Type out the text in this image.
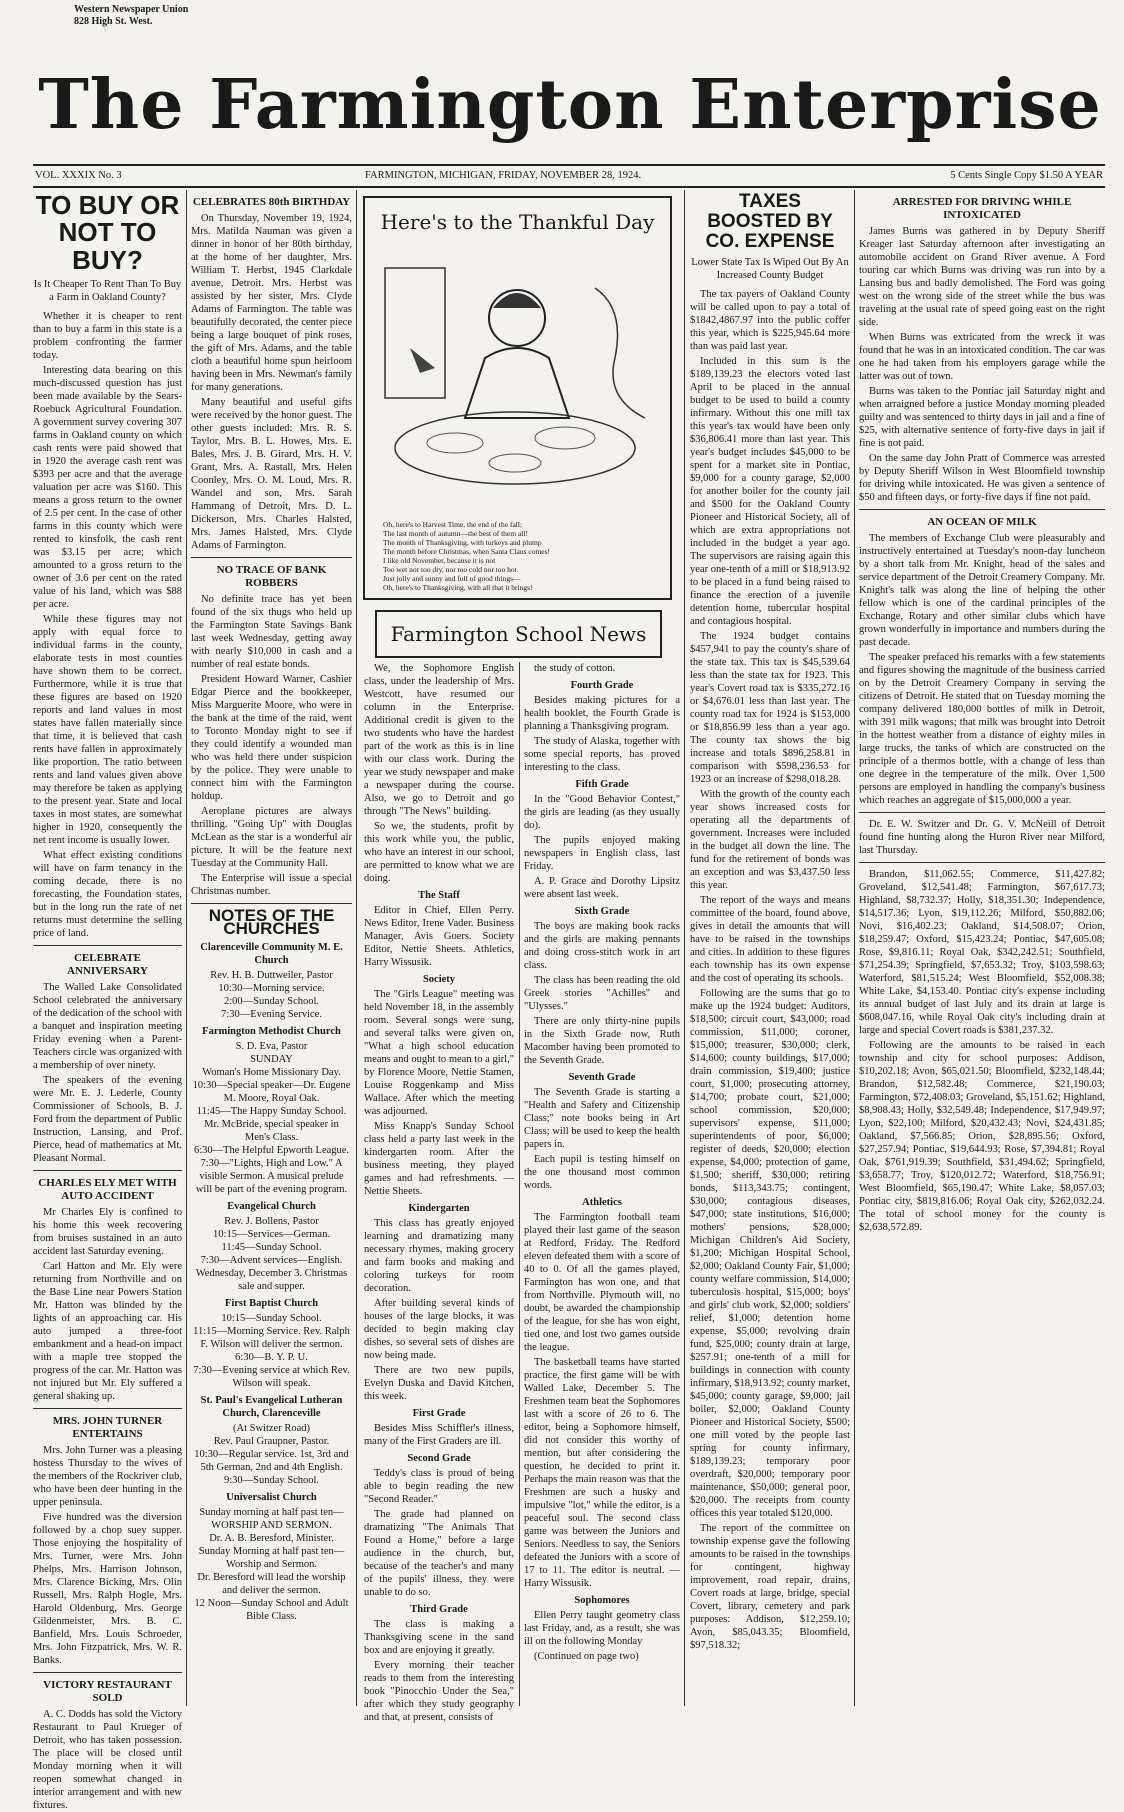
Western Newspaper Union
828 High St. West.
The Farmington Enterprise
VOL. XXXIX No. 3	FARMINGTON, MICHIGAN, FRIDAY, NOVEMBER 28, 1924.	5 Cents Single Copy $1.50 A YEAR
TO BUY OR NOT TO BUY?
Is It Cheaper To Rent Than To Buy a Farm in Oakland County?

Whether it is cheaper to rent than to buy a farm in this state is a problem confronting the farmer today.

Interesting data bearing on this much-discussed question has just been made available by the Sears-Roebuck Agricultural Foundation. A government survey covering 307 farms in Oakland county on which cash rents were paid showed that in 1920 the average cash rent was $393 per acre and that the average valuation per acre was $160. This means a gross return to the owner of 2.5 per cent. In the case of other farms in this county which were rented to kinsfolk, the cash rent was $3.15 per acre; which amounted to a gross return to the owner of 3.6 per cent on the rated value of his land, which was $88 per acre.

While these figures may not apply with equal force to individual farms in the county, elaborate tests in most counties have shown them to be correct. Furthermore, while it is true that these figures are based on 1920 reports and land values in most states have fallen materially since that time, it is believed that cash rents have fallen in approximately like proportion. The ratio between rents and land values given above may therefore be taken as applying to the present year. State and local taxes in most states, are somewhat higher in 1920, consequently the net rent income is usually lower.

What effect existing conditions will have on farm tenancy in the coming decade, there is no forecasting, the Foundation states, but in the long run the rate of net returns must determine the selling price of land.

CELEBRATE ANNIVERSARY

The Walled Lake Consolidated School celebrated the anniversary of the dedication of the school with a banquet and inspiration meeting Friday evening when a Parent-Teachers circle was organized with a membership of over ninety.

The speakers of the evening were Mr. E. J. Lederle, County Commissioner of Schools, B. J. Ford from the department of Public Instruction, Lansing, and Prof. Pierce, head of mathematics at Mt. Pleasant Normal.

CHARLES ELY MET WITH AUTO ACCIDENT

Mr Charles Ely is confined to his home this week recovering from bruises sustained in an auto accident last Saturday evening.

Carl Hatton and Mr. Ely were returning from Northville and on the Base Line near Powers Station Mr. Hatton was blinded by the lights of an approaching car. His auto jumped a three-foot embankment and a head-on impact with a maple tree stopped the progress of the car. Mr. Hatton was not injured but Mr. Ely suffered a general shaking up.

MRS. JOHN TURNER ENTERTAINS

Mrs. John Turner was a pleasing hostess Thursday to the wives of the members of the Rockriver club, who have been deer hunting in the upper peninsula.

Five hundred was the diversion followed by a chop suey supper. Those enjoying the hospitality of Mrs. Turner, were Mrs. John Phelps, Mrs. Harrison Johnson, Mrs. Clarence Bicking, Mrs. Olin Russell, Mrs. Ralph Hogle, Mrs. Harold Oldenburg, Mrs. George Gildenmeister, Mrs. B. C. Banfield, Mrs. Louis Schroeder, Mrs. John Fitzpatrick, Mrs. W. R. Banks.

VICTORY RESTAURANT SOLD

A. C. Dodds has sold the Victory Restaurant to Paul Krueger of Detroit, who has taken possession. The place will be closed until Monday morning when it will reopen somewhat changed in interior arrangement and with new fixtures.

CELEBRATES 80th BIRTHDAY

On Thursday, November 19, 1924, Mrs. Matilda Nauman was given a dinner in honor of her 80th birthday, at the home of her daughter, Mrs. William T. Herbst, 1945 Clarkdale avenue, Detroit. Mrs. Herbst was assisted by her sister, Mrs. Clyde Adams of Farmington. The table was beautifully decorated, the center piece being a large bouquet of pink roses, the gift of Mrs. Adams, and the table cloth a beautiful home spun heirloom having been in Mrs. Newman's family for many generations.

Many beautiful and useful gifts were received by the honor guest. The other guests included: Mrs. R. S. Taylor, Mrs. B. L. Howes, Mrs. E. Bales, Mrs. J. B. Girard, Mrs. H. V. Grant, Mrs. A. Rastall, Mrs. Helen Coonley, Mrs. O. M. Loud, Mrs. R. Wandel and son, Mrs. Sarah Hammang of Detroit, Mrs. D. L. Dickerson, Mrs. Charles Halsted, Mrs. James Halsted, Mrs. Clyde Adams of Farmington.

NO TRACE OF BANK ROBBERS

No definite trace has yet been found of the six thugs who held up the Farmington State Savings Bank last week Wednesday, getting away with nearly $10,000 in cash and a number of real estate bonds.

President Howard Warner, Cashier Edgar Pierce and the bookkeeper, Miss Marguerite Moore, who were in the bank at the time of the raid, went to Toronto Monday night to see if they could identify a wounded man who was held there under suspicion by the police. They were unable to connect him with the Farmington holdup.

Aeroplane pictures are always thrilling. "Going Up" with Douglas McLean as the star is a wonderful air picture. It will be the feature next Tuesday at the Community Hall.

The Enterprise will issue a special Christmas number.

NOTES OF THE CHURCHES
Clarenceville Community M. E. Church
Rev. H. B. Duttweiler, Pastor
10:30—Morning service.
2:00—Sunday School.
7:30—Evening Service.
Farmington Methodist Church
S. D. Eva, Pastor
SUNDAY
Woman's Home Missionary Day.
10:30—Special speaker—Dr. Eugene M. Moore, Royal Oak.
11:45—The Happy Sunday School. Mr. McBride, special speaker in Men's Class.
6:30—The Helpful Epworth League.
7:30—"Lights, High and Low." A visible Sermon. A musical prelude will be part of the evening program.
Evangelical Church
Rev. J. Bollens, Pastor
10:15—Services—German.
11:45—Sunday School.
7:30—Advent services—English. Wednesday, December 3. Christmas sale and supper.
First Baptist Church
10:15—Sunday School.
11:15—Morning Service. Rev. Ralph F. Wilson will deliver the sermon.
6:30—B. Y. P. U.
7:30—Evening service at which Rev. Wilson will speak.
St. Paul's Evangelical Lutheran Church, Clarenceville
(At Switzer Road)
Rev. Paul Graupner, Pastor.
10:30—Regular service. 1st, 3rd and 5th German, 2nd and 4th English.
9:30—Sunday School.
Universalist Church
Sunday morning at half past ten—WORSHIP AND SERMON.
Dr. A. B. Beresford, Minister.
Sunday Morning at half past ten—Worship and Sermon.
Dr. Beresford will lead the worship and deliver the sermon.
12 Noon—Sunday School and Adult Bible Class.
Here's to the Thankful Day
Oh, here's to Harvest Time, the end of the fall;
The last month of autumn—the best of them all!
The month of Thanksgiving, with turkeys and plump
The month before Christmas, when Santa Claus comes!
I like old November, because it is not
Too wet nor too dry, nor too cold nor too hot.
Just jolly and sunny and full of good things—
Oh, here's to Thanksgiving, with all that it brings!
Farmington School News

We, the Sophomore English class, under the leadership of Mrs. Westcott, have resumed our column in the Enterprise. Additional credit is given to the two students who have the hardest part of the work as this is in line with our class work. During the year we study newspaper and make a newspaper during the course. Also, we go to Detroit and go through "The News" building.

So we, the students, profit by this work while you, the public, who have an interest in our school, are permitted to know what we are doing.

The Staff

Editor in Chief, Ellen Perry. News Editor, Irene Vader. Business Manager, Avis Goers. Society Editor, Nettie Sheets. Athletics, Harry Wissusik.

Society

The "Girls League" meeting was held November 18, in the assembly room. Several songs were sung, and several talks were given on, "What a high school education means and ought to mean to a girl," by Florence Moore, Nettie Stamen, Louise Roggenkamp and Miss Wallace. After which the meeting was adjourned.

Miss Knapp's Sunday School class held a party last week in the kindergarten room. After the business meeting, they played games and had refreshments. — Nettie Sheets.

Kindergarten

This class has greatly enjoyed learning and dramatizing many necessary rhymes, making grocery and farm books and making and coloring turkeys for room decoration.

After building several kinds of houses of the large blocks, it was decided to begin making clay dishes, so several sets of dishes are now being made.

There are two new pupils, Evelyn Duska and David Kitchen, this week.

First Grade

Besides Miss Schiffler's illness, many of the First Graders are ill.

Second Grade

Teddy's class is proud of being able to begin reading the new "Second Reader."

The grade had planned on dramatizing "The Animals That Found a Home," before a large audience in the church, but, because of the teacher's and many of the pupils' illness, they were unable to do so.

Third Grade

The class is making a Thanksgiving scene in the sand box and are enjoying it greatly.

Every morning their teacher reads to them from the interesting book "Pinocchio Under the Sea," after which they study geography and that, at present, consists of

the study of cotton.

Fourth Grade

Besides making pictures for a health booklet, the Fourth Grade is planning a Thanksgiving program.

The study of Alaska, together with some special reports, has proved interesting to the class.

Fifth Grade

In the "Good Behavior Contest," the girls are leading (as they usually do).

The pupils enjoyed making newspapers in English class, last Friday.

A. P. Grace and Dorothy Lipsitz were absent last week.

Sixth Grade

The boys are making book racks and the girls are making pennants and doing cross-stitch work in art class.

The class has been reading the old Greek stories "Achilles" and "Ulysses."

There are only thirty-nine pupils in the Sixth Grade now, Ruth Macomber having been promoted to the Seventh Grade.

Seventh Grade

The Seventh Grade is starting a "Health and Safety and Citizenship Class;" note books being in Art Class; will be used to keep the health papers in.

Each pupil is testing himself on the one thousand most common words.

Athletics

The Farmington football team played their last game of the season at Redford, Friday. The Redford eleven defeated them with a score of 40 to 0. Of all the games played, Farmington has won one, and that from Northville. Plymouth will, no doubt, be awarded the championship of the league, for she has won eight, tied one, and lost two games outside the league.

The basketball teams have started practice, the first game will be with Walled Lake, December 5. The Freshmen team beat the Sophomores last with a score of 26 to 6. The editor, being a Sophomore himself, did not consider this worthy of mention, but after considering the question, he decided to print it. Perhaps the main reason was that the Freshmen are such a husky and impulsive "lot," while the editor, is a peaceful soul. The second class game was between the Juniors and Seniors. Needless to say, the Seniors defeated the Juniors with a score of 17 to 11. The editor is neutral. — Harry Wissusik.

Sophomores

Ellen Perry taught geometry class last Friday, and, as a result, she was ill on the following Monday

(Continued on page two)

TAXES BOOSTED BY CO. EXPENSE
Lower State Tax Is Wiped Out By An Increased County Budget

The tax payers of Oakland County will be called upon to pay a total of $1842,4867.97 into the public coffer this year, which is $225,945.64 more than was paid last year.

Included in this sum is the $189,139.23 the electors voted last April to be placed in the annual budget to be used to build a county infirmary. Without this one mill tax this year's tax would have been only $36,806.41 more than last year. This year's budget includes $45,000 to be spent for a market site in Pontiac, $9,000 for a county garage, $2,000 for another boiler for the county jail and $500 for the Oakland County Pioneer and Historical Society, all of which are extra appropriations not included in the budget a year ago. The supervisors are raising again this year one-tenth of a mill or $18,913.92 to be placed in a fund being raised to finance the erection of a juvenile detention home, tubercular hospital and contagious hospital.

The 1924 budget contains $457,941 to pay the county's share of the state tax. This tax is $45,539.64 less than the state tax for 1923. This year's Covert road tax is $335,272.16 or $4,676.01 less than last year. The county road tax for 1924 is $153,000 or $18,856.99 less than a year ago. The county tax shows the big increase and totals $896,258.81 in comparison with $598,236.53 for 1923 or an increase of $298,018.28.

With the growth of the county each year shows increased costs for operating all the departments of government. Increases were included in the budget all down the line. The fund for the retirement of bonds was an exception and was $3,437.50 less this year.

The report of the ways and means committee of the board, found above, gives in detail the amounts that will have to be raised in the townships and cities. In addition to these figures each township has its own expense and the cost of operating its schools.

Following are the sums that go to make up the 1924 budget: Auditors, $18,500; circuit court, $43,000; road commission, $11,000; coroner, $15,000; treasurer, $30,000; clerk, $14,600; county buildings, $17,000; drain commission, $19,400; justice court, $1,000; prosecuting attorney, $14,700; probate court, $21,000; school commission, $20,000; supervisors' expense, $11,000; superintendents of poor, $6,000; register of deeds, $20,000; election expense, $4,000; protection of game, $1,500; sheriff, $30,000; retiring bonds, $113,343.75; contingent, $30,000; contagious diseases, $47,000; state institutions, $16,000; mothers' pensions, $28,000; Michigan Children's Aid Society, $1,200; Michigan Hospital School, $2,000; Oakland County Fair, $1,000; county welfare commission, $14,000; tuberculosis hospital, $15,000; boys' and girls' club work, $2,000; soldiers' relief, $1,000; detention home expense, $5,000; revolving drain fund, $25,000; county drain at large, $257.91; one-tenth of a mill for buildings in connection with county infirmary, $18,913.92; county market, $45,000; county garage, $9,000; jail boiler, $2,000; Oakland County Pioneer and Historical Society, $500; one mill voted by the people last spring for county infirmary, $189,139.23; temporary poor overdraft, $20,000; temporary poor maintenance, $50,000; general poor, $20,000. The receipts from county offices this year totaled $120,000.

The report of the committee on township expense gave the following amounts to be raised in the townships for contingent, highway improvement, road repair, drains, Covert roads at large, bridge, special Covert, library, cemetery and park purposes: Addison, $12,259.10; Avon, $85,043.35; Bloomfield, $97,518.32;

ARRESTED FOR DRIVING WHILE INTOXICATED

James Burns was gathered in by Deputy Sheriff Kreager last Saturday afternoon after investigating an automobile accident on Grand River avenue. A Ford touring car which Burns was driving was run into by a Lansing bus and badly demolished. The Ford was going west on the wrong side of the street while the bus was traveling at the usual rate of speed going east on the right side.

When Burns was extricated from the wreck it was found that he was in an intoxicated condition. The car was one he had taken from his employers garage while the latter was out of town.

Burns was taken to the Pontiac jail Saturday night and when arraigned before a justice Monday morning pleaded guilty and was sentenced to thirty days in jail and a fine of $25, with alternative sentence of forty-five days in jail if fine is not paid.

On the same day John Pratt of Commerce was arrested by Deputy Sheriff Wilson in West Bloomfield township for driving while intoxicated. He was given a sentence of $50 and fifteen days, or forty-five days if fine not paid.

AN OCEAN OF MILK

The members of Exchange Club were pleasurably and instructively entertained at Tuesday's noon-day luncheon by a short talk from Mr. Knight, head of the sales and service department of the Detroit Creamery Company. Mr. Knight's talk was along the line of helping the other fellow which is one of the cardinal principles of the Exchange, Rotary and other similar clubs which have grown wonderfully in importance and numbers during the past decade.

The speaker prefaced his remarks with a few statements and figures showing the magnitude of the business carried on by the Detroit Creamery Company in serving the citizens of Detroit. He stated that on Tuesday morning the company delivered 180,000 bottles of milk in Detroit, with 391 milk wagons; that milk was brought into Detroit in the hottest weather from a distance of eighty miles in large trucks, the tanks of which are constructed on the principle of a thermos bottle, with a change of less than one degree in the temperature of the milk. Over 1,500 persons are employed in handling the company's business which reaches an aggregate of $15,000,000 a year.

Dr. E. W. Switzer and Dr. G. V. McNeill of Detroit found fine hunting along the Huron River near Milford, last Thursday.

Brandon, $11,062.55; Commerce, $11,427.82; Groveland, $12,541.48; Farmington, $67,617.73; Highland, $8,732.37; Holly, $18,351.30; Independence, $14,517.36; Lyon, $19,112.26; Milford, $50,882.06; Novi, $16,402.23; Oakland, $14,508.07; Orion, $18,259.47; Oxford, $15,423.24; Pontiac, $47,605.08; Rose, $9,816.11; Royal Oak, $342,242.51; Southfield, $71,254.39; Springfield, $7,653.32; Troy, $103,598.63; Waterford, $81,515.24; West Bloomfield, $52,008.38; White Lake, $4,153.40. Pontiac city's expense including its annual budget of last July and its drain at large is $608,047.16, while Royal Oak city's including drain at large and special Covert roads is $381,237.32.

Following are the amounts to be raised in each township and city for school purposes: Addison, $10,202.18; Avon, $65,021.50; Bloomfield, $232,148.44; Brandon, $12,582.48; Commerce, $21,190.03; Farmington, $72,408.03; Groveland, $5,151.62; Highland, $8,908.43; Holly, $32,549.48; Independence, $17,949.97; Lyon, $22,100; Milford, $20,432.43; Novi, $24,431.85; Oakland, $7,566.85; Orion, $28,895.56; Oxford, $27,257.94; Pontiac, $19,644.93; Rose, $7,394.81; Royal Oak, $761,919.39; Southfield, $31,494.62; Springfield, $3,658.77; Troy, $120,012.72; Waterford, $18,756.91; West Bloomfield, $65,190.47; White Lake, $8,057.03; Pontiac city, $819,816.06; Royal Oak city, $262,032.24. The total of school money for the county is $2,638,572.89.
